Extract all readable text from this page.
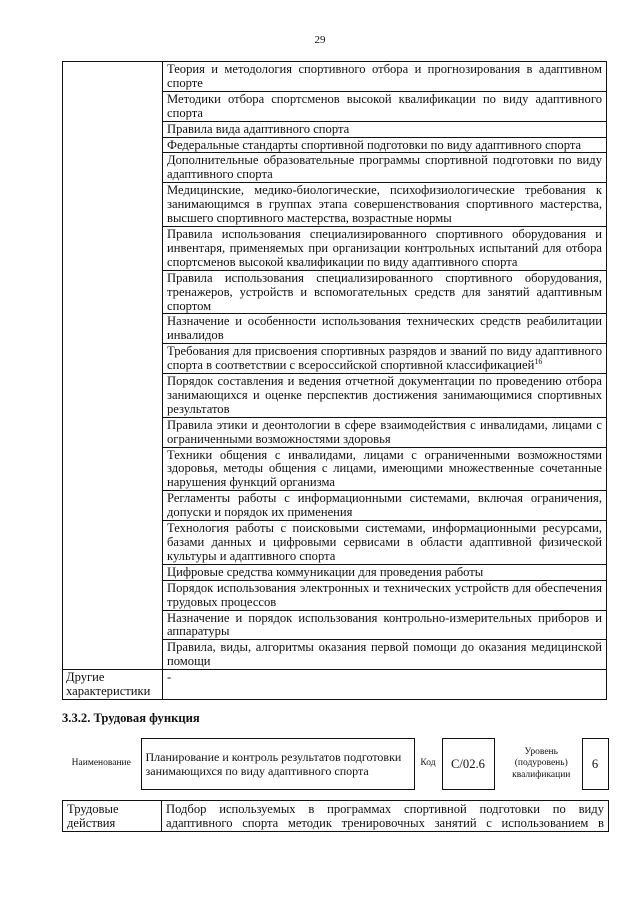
29
	Теория и методология спортивного отбора и прогнозирования в адаптивном спорте
	Методики отбора спортсменов высокой квалификации по виду адаптивного спорта
	Правила вида адаптивного спорта
	Федеральные стандарты спортивной подготовки по виду адаптивного спорта
	Дополнительные образовательные программы спортивной подготовки по виду адаптивного спорта
	Медицинские, медико-биологические, психофизиологические требования к занимающимся в группах этапа совершенствования спортивного мастерства, высшего спортивного мастерства, возрастные нормы
	Правила использования специализированного спортивного оборудования и инвентаря, применяемых при организации контрольных испытаний для отбора спортсменов высокой квалификации по виду адаптивного спорта
	Правила использования специализированного спортивного оборудования, тренажеров, устройств и вспомогательных средств для занятий адаптивным спортом
	Назначение и особенности использования технических средств реабилитации инвалидов
	Требования для присвоения спортивных разрядов и званий по виду адаптивного спорта в соответствии с всероссийской спортивной классификацией$^{16}$
	Порядок составления и ведения отчетной документации по проведению отбора занимающихся и оценке перспектив достижения занимающимися спортивных результатов
	Правила этики и деонтологии в сфере взаимодействия с инвалидами, лицами с ограниченными возможностями здоровья
	Техники общения с инвалидами, лицами с ограниченными возможностями здоровья, методы общения с лицами, имеющими множественные сочетанные нарушения функций организма
	Регламенты работы с информационными системами, включая ограничения, допуски и порядок их применения
	Технология работы с поисковыми системами, информационными ресурсами, базами данных и цифровыми сервисами в области адаптивной физической культуры и адаптивного спорта
	Цифровые средства коммуникации для проведения работы
	Порядок использования электронных и технических устройств для обеспечения трудовых процессов
	Назначение и порядок использования контрольно-измерительных приборов и аппаратуры
	Правила, виды, алгоритмы оказания первой помощи до оказания медицинской помощи
Другие характеристики	-
3.3.2. Трудовая функция
Наименование	Планирование и контроль результатов подготовки занимающихся по виду адаптивного спорта	Код	С/02.6		Уровень (подуровень) квалификации	6
Трудовые действия	Подбор используемых в программах спортивной подготовки по виду адаптивного спорта методик тренировочных занятий с использованием в
